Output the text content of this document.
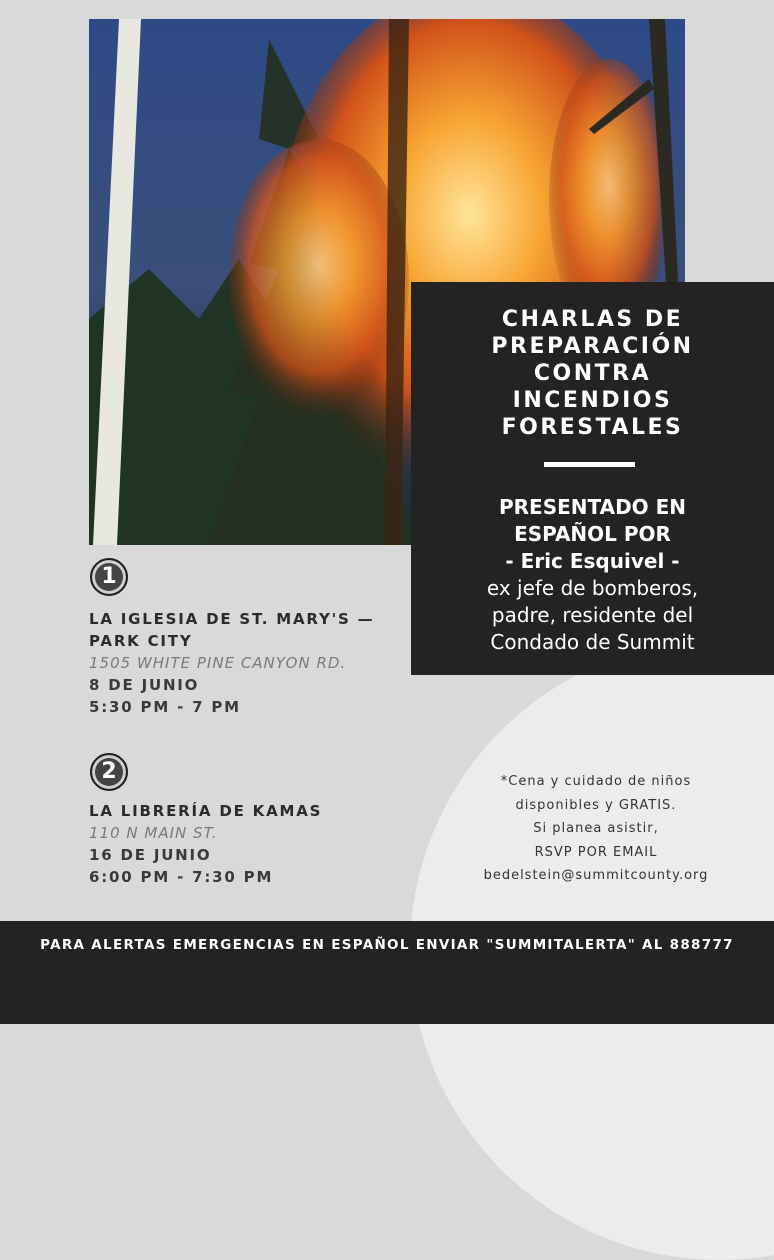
CHARLAS DE
PREPARACIÓN
CONTRA
INCENDIOS
FORESTALES
PRESENTADO EN
ESPAÑOL POR
- Eric Esquivel -
ex jefe de bomberos,
padre, residente del
Condado de Summit
1
LA IGLESIA DE ST. MARY'S —
PARK CITY
1505 WHITE PINE CANYON RD.
8 DE JUNIO
5:30 PM - 7 PM
2
LA LIBRERÍA DE KAMAS
110 N MAIN ST.
16 DE JUNIO
6:00 PM - 7:30 PM
*Cena y cuidado de niños
disponibles y GRATIS.
Si planea asistir,
RSVP POR EMAIL
bedelstein@summitcounty.org
PARA ALERTAS EMERGENCIAS EN ESPAÑOL ENVIAR "SUMMITALERTA" AL 888777
